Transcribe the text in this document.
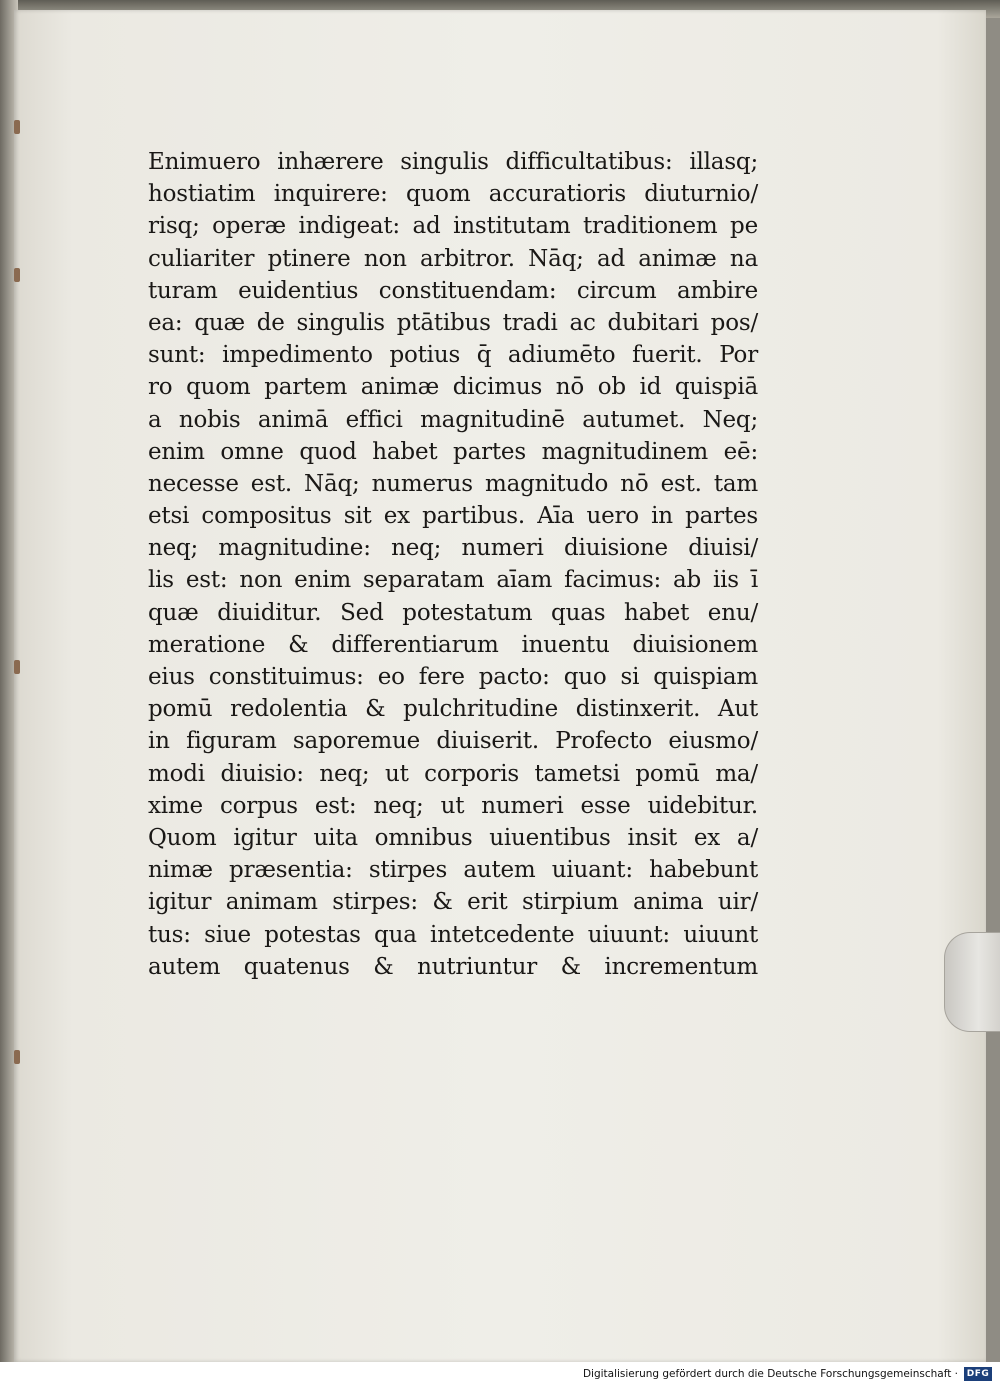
Enimuero inhærere singulis difficultatibus: illasq;
hostiatim inquirere: quom accuratioris diuturnio/
risq; operæ indigeat: ad institutam traditionem pe
culiariter ptinere non arbitror. Nāq; ad animæ na
turam euidentius constituendam: circum ambire
ea: quæ de singulis ptātibus tradi ac dubitari pos/
sunt: impedimento potius q̄ adiumēto fuerit. Por
ro quom partem animæ dicimus nō ob id quispiā
a nobis animā effici magnitudinē autumet. Neq;
enim omne quod habet partes magnitudinem eē:
necesse est. Nāq; numerus magnitudo nō est. tam
etsi compositus sit ex partibus. Aīa uero in partes
neq; magnitudine: neq; numeri diuisione diuisi/
lis est: non enim separatam aīam facimus: ab iis ī
quæ diuiditur. Sed potestatum quas habet enu/
meratione & differentiarum inuentu diuisionem
eius constituimus: eo fere pacto: quo si quispiam
pomū redolentia & pulchritudine distinxerit. Aut
in figuram saporemue diuiserit. Profecto eiusmo/
modi diuisio: neq; ut corporis tametsi pomū ma/
xime corpus est: neq; ut numeri esse uidebitur.
Quom igitur uita omnibus uiuentibus insit ex a/
nimæ præsentia: stirpes autem uiuant: habebunt
igitur animam stirpes: & erit stirpium anima uir/
tus: siue potestas qua intetcedente uiuunt: uiuunt
autem quatenus & nutriuntur & incrementum
Digitalisierung gefördert durch die Deutsche Forschungsgemeinschaft · DFG
